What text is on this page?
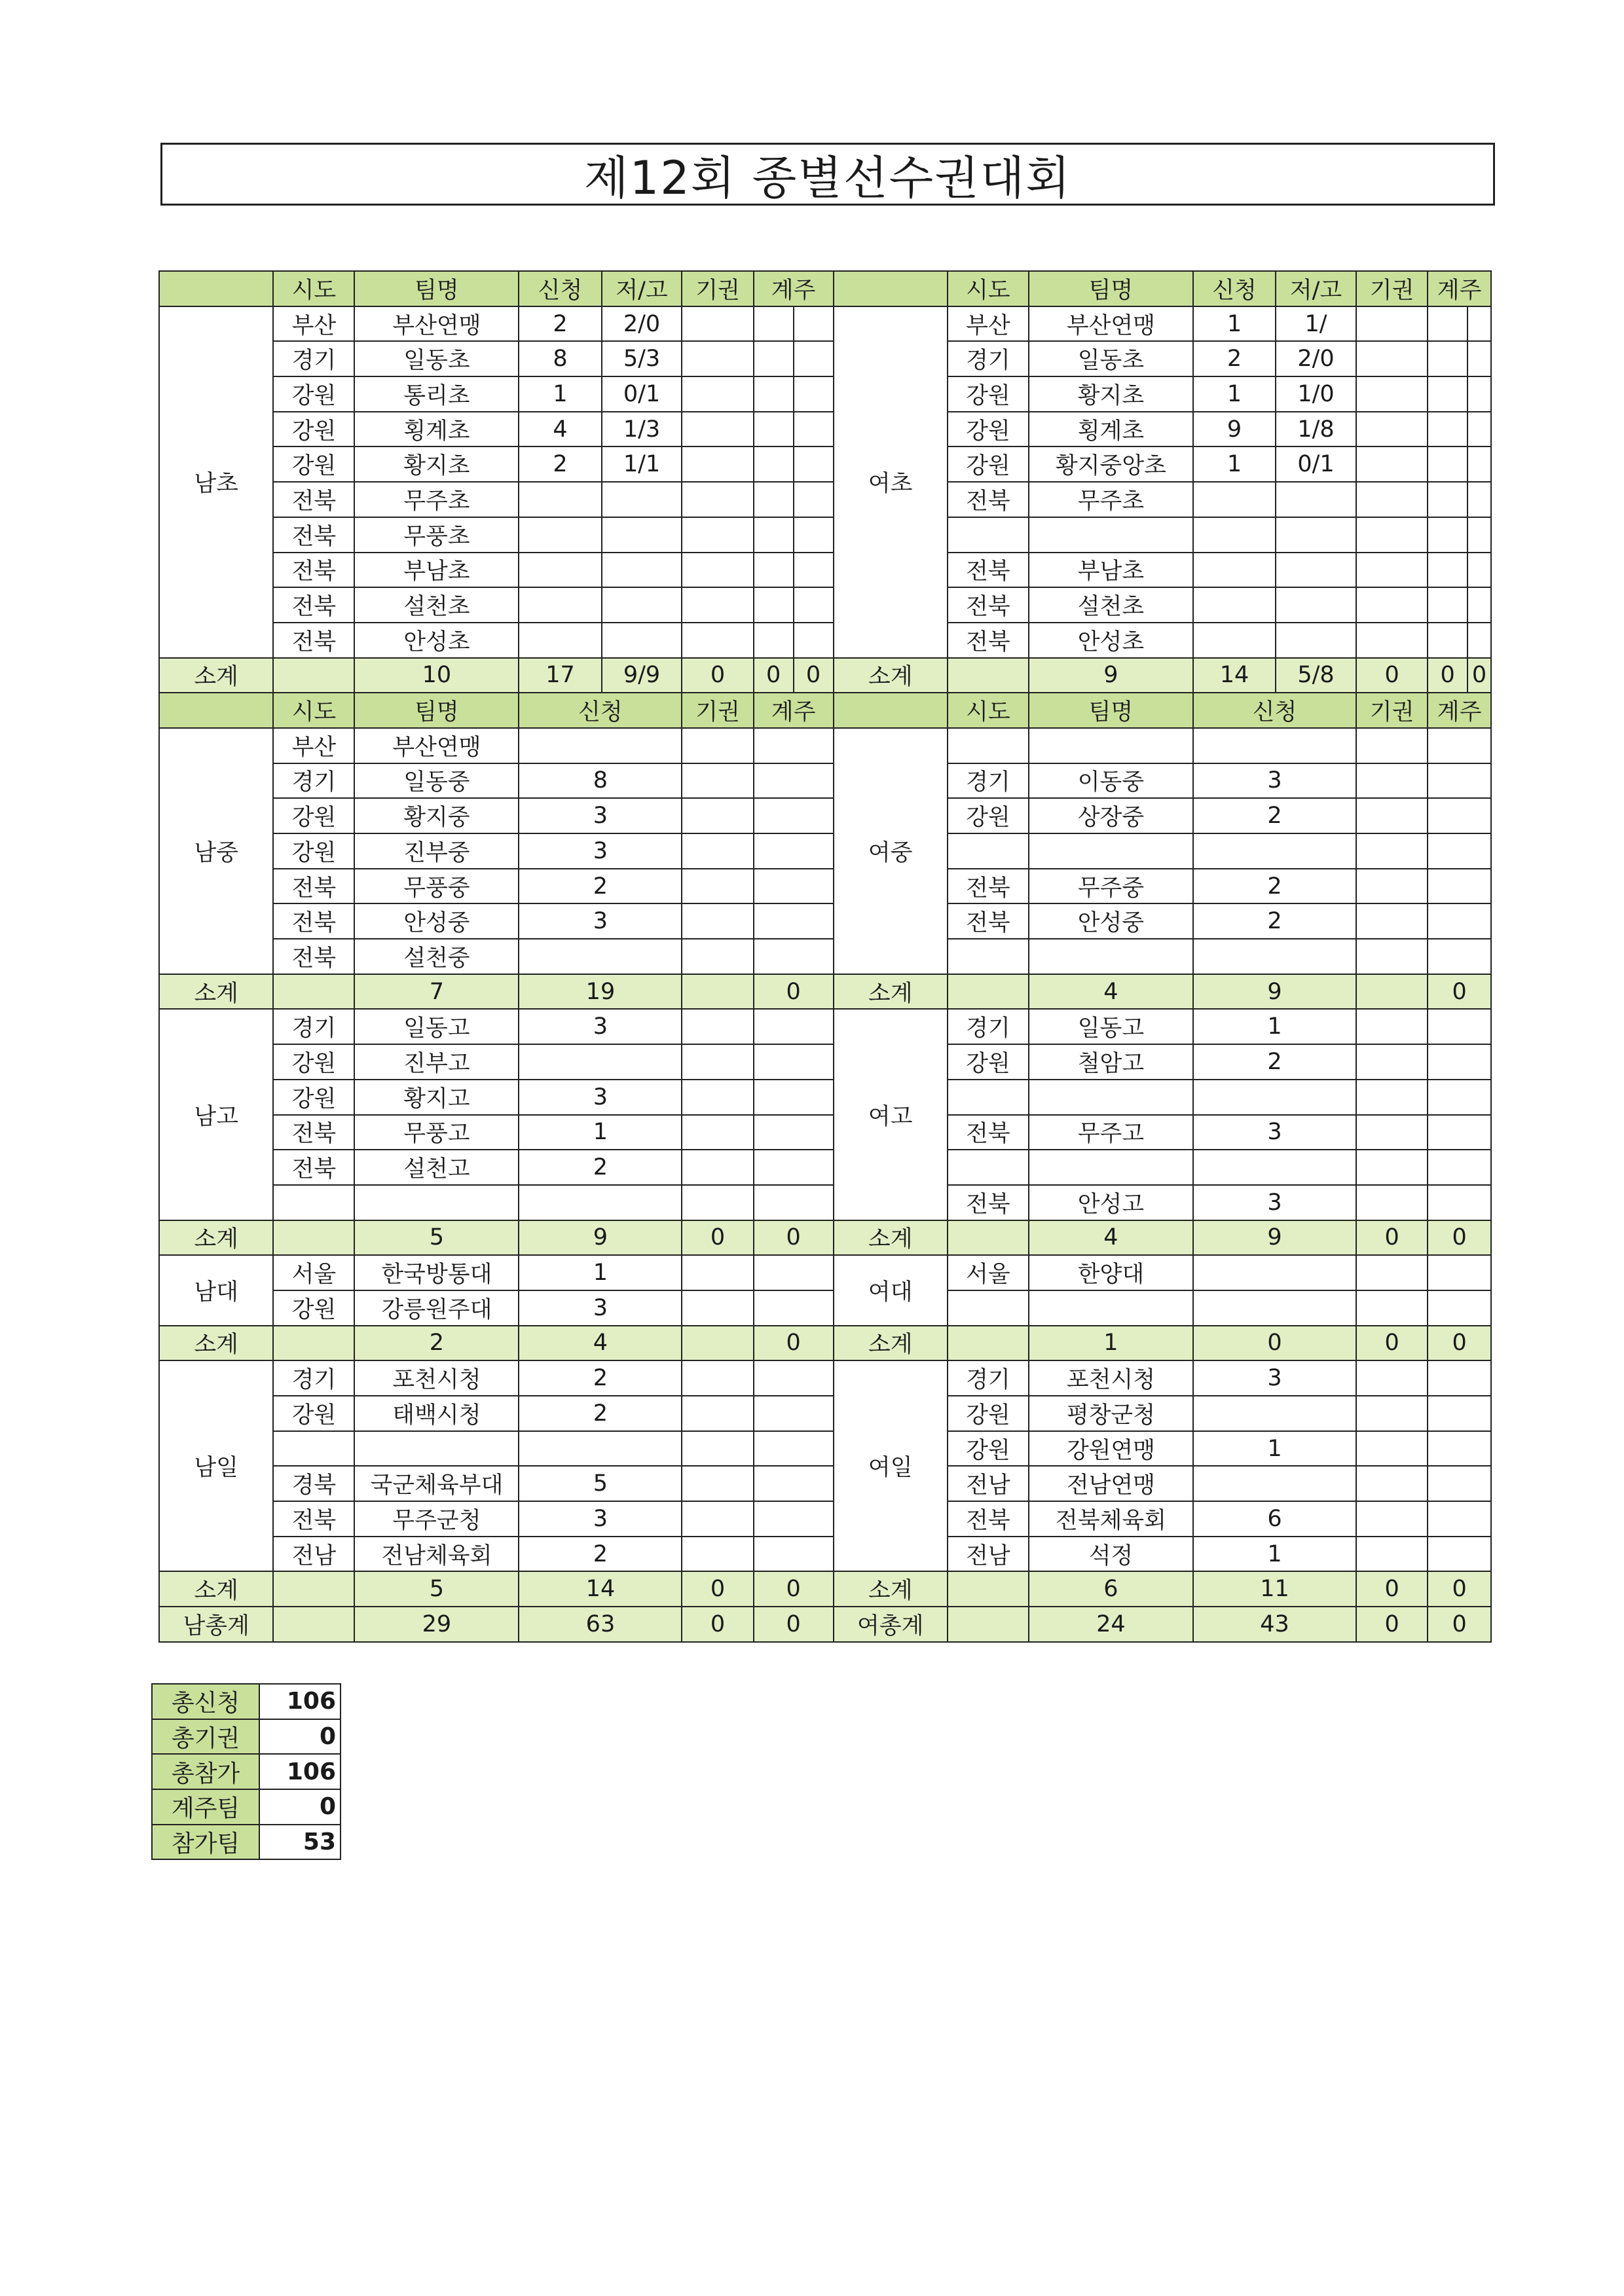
제12회 종별선수권대회
	시도	팀명	신청	저/고	기권	계주			시도	팀명	신청	저/고	기권	계주	
남초	부산	부산연맹	2	2/0				여초	부산	부산연맹	1	1/			
	경기	일동초	8	5/3					경기	일동초	2	2/0			
	강원	통리초	1	0/1					강원	황지초	1	1/0			
	강원	횡계초	4	1/3					강원	횡계초	9	1/8			
	강원	황지초	2	1/1					강원	황지중앙초	1	0/1			
	전북	무주초							전북	무주초					
	전북	무풍초													
	전북	부남초							전북	부남초					
	전북	설천초							전북	설천초					
	전북	안성초							전북	안성초					
소계		10	17	9/9	0	0	0	소계		9	14	5/8	0	0	0
	시도	팀명	신청		기권	계주			시도	팀명	신청		기권	계주	
남중	부산	부산연맹						여중							
	경기	일동중	8						경기	이동중	3				
	강원	황지중	3						강원	상장중	2				
	강원	진부중	3												
	전북	무풍중	2						전북	무주중	2				
	전북	안성중	3						전북	안성중	2				
	전북	설천중													
소계		7	19			0		소계		4	9			0	
남고	경기	일동고	3					여고	경기	일동고	1				
	강원	진부고							강원	철암고	2				
	강원	황지고	3												
	전북	무풍고	1						전북	무주고	3				
	전북	설천고	2												
									전북	안성고	3				
소계		5	9		0	0		소계		4	9		0	0	
남대	서울	한국방통대	1					여대	서울	한양대					
	강원	강릉원주대	3												
소계		2	4			0		소계		1	0		0	0	
남일	경기	포천시청	2					여일	경기	포천시청	3				
	강원	태백시청	2						강원	평창군청					
									강원	강원연맹	1				
	경북	국군체육부대	5						전남	전남연맹					
	전북	무주군청	3						전북	전북체육회	6				
	전남	전남체육회	2						전남	석정	1				
소계		5	14		0	0		소계		6	11		0	0	
남총계		29	63		0	0		여총계		24	43		0	0	
총신청	106
총기권	0
총참가	106
계주팀	0
참가팀	53
